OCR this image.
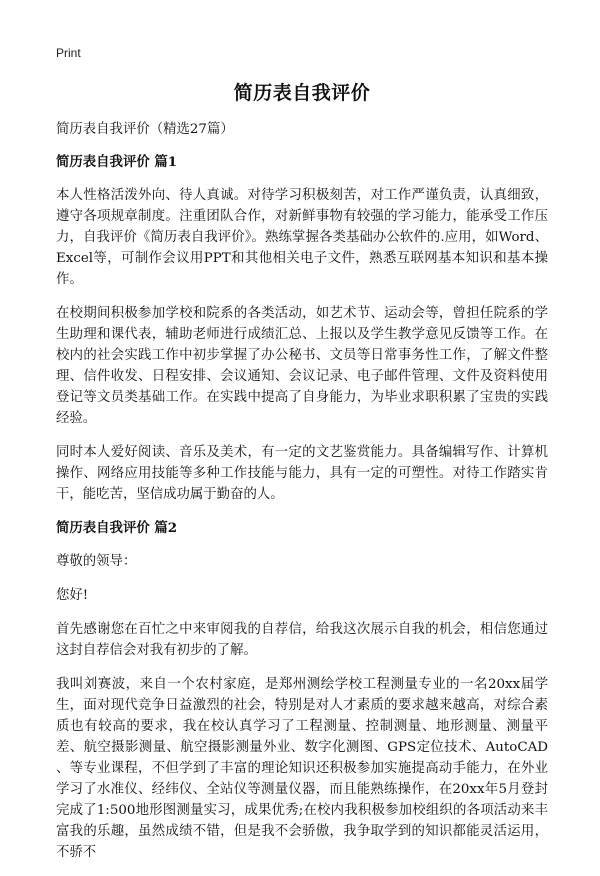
Print
简历表自我评价

简历表自我评价（精选27篇）

简历表自我评价 篇1

本人性格活泼外向、待人真诚。对待学习积极刻苦，对工作严谨负责，认真细致，遵守各项规章制度。注重团队合作，对新鲜事物有较强的学习能力，能承受工作压力，自我评价《简历表自我评价》。熟练掌握各类基础办公软件的.应用，如Word、Excel等，可制作会议用PPT和其他相关电子文件，熟悉互联网基本知识和基本操作。

在校期间积极参加学校和院系的各类活动，如艺术节、运动会等，曾担任院系的学生助理和课代表，辅助老师进行成绩汇总、上报以及学生教学意见反馈等工作。在校内的社会实践工作中初步掌握了办公秘书、文员等日常事务性工作，了解文件整理、信件收发、日程安排、会议通知、会议记录、电子邮件管理、文件及资料使用登记等文员类基础工作。在实践中提高了自身能力，为毕业求职积累了宝贵的实践经验。

同时本人爱好阅读、音乐及美术，有一定的文艺鉴赏能力。具备编辑写作、计算机操作、网络应用技能等多种工作技能与能力，具有一定的可塑性。对待工作踏实肯干，能吃苦，坚信成功属于勤奋的人。

简历表自我评价 篇2

尊敬的领导：

您好!

首先感谢您在百忙之中来审阅我的自荐信，给我这次展示自我的机会，相信您通过这封自荐信会对我有初步的了解。

我叫刘赛波，来自一个农村家庭，是郑州测绘学校工程测量专业的一名20xx届学生，面对现代竞争日益激烈的社会，特别是对人才素质的要求越来越高，对综合素质也有较高的要求，我在校认真学习了工程测量、控制测量、地形测量、测量平差、航空摄影测量、航空摄影测量外业、数字化测图、GPS定位技术、AutoCAD 、等专业课程，不但学到了丰富的理论知识还积极参加实施提高动手能力，在外业学习了水准仪、经纬仪、全站仪等测量仪器，而且能熟练操作，在20xx年5月登封完成了1:500地形图测量实习，成果优秀;在校内我积极参加校组织的各项活动来丰富我的乐趣，虽然成绩不错，但是我不会骄傲，我争取学到的知识都能灵活运用，不骄不
